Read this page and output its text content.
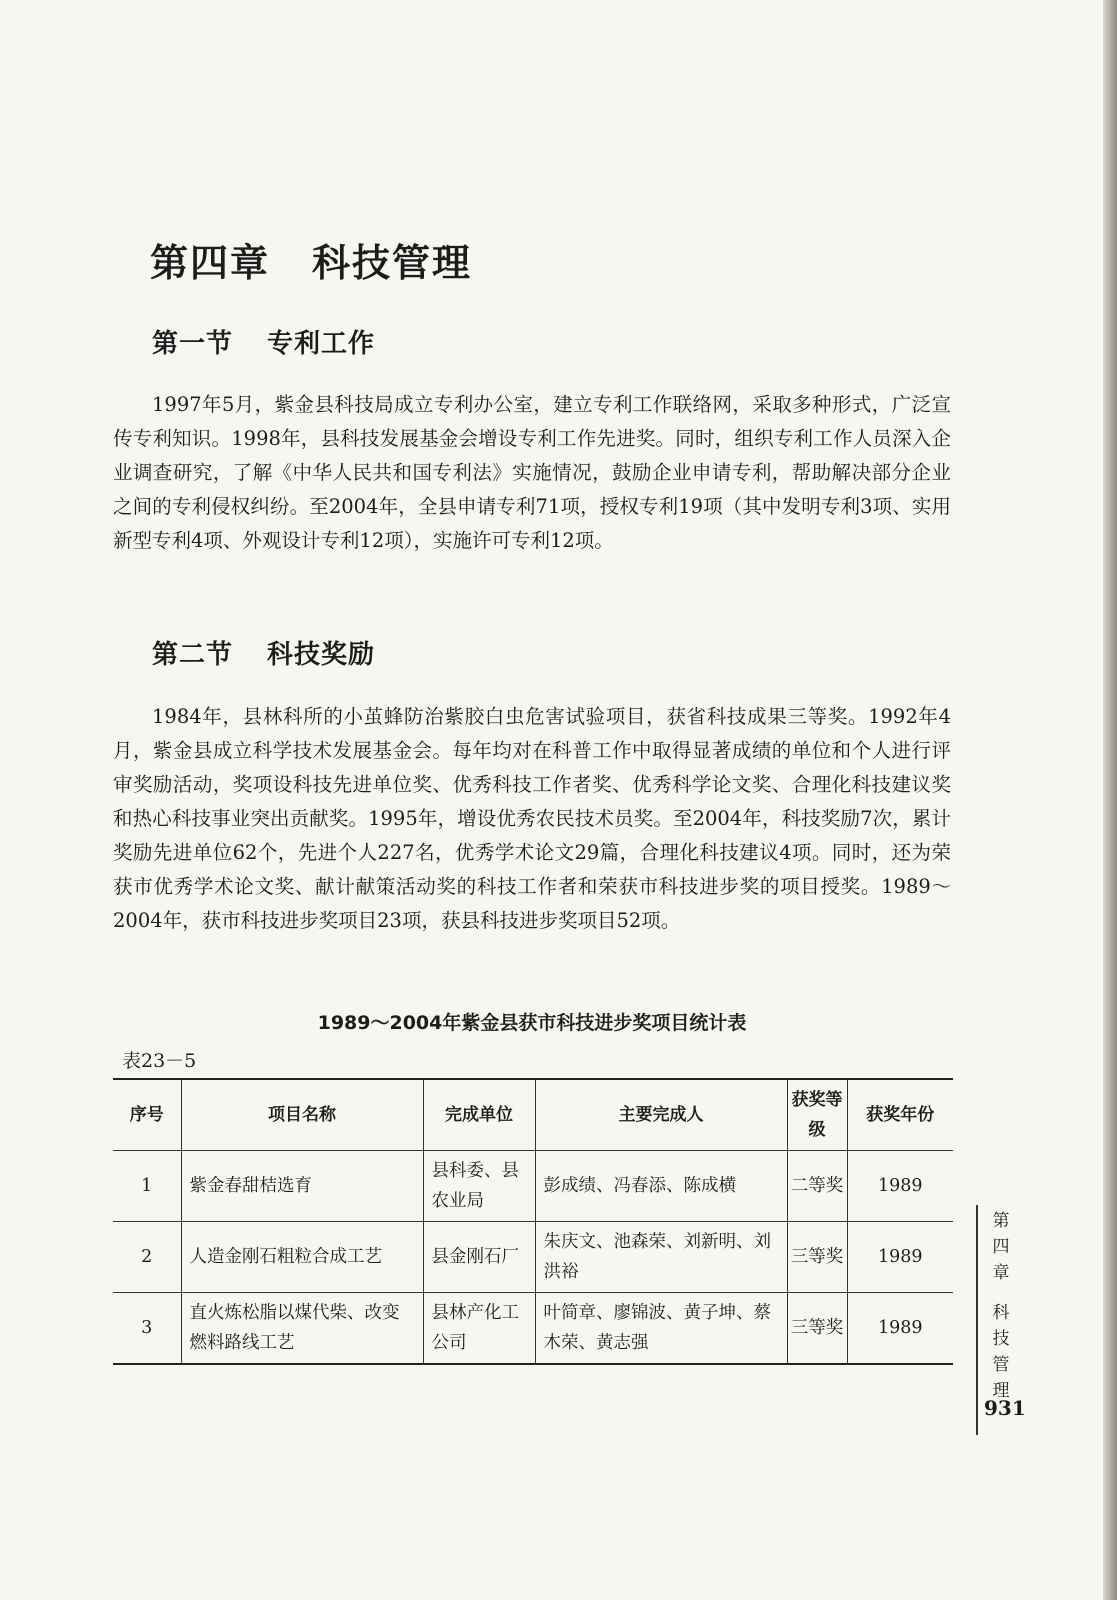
第四章 科技管理
第一节 专利工作

1997年5月，紫金县科技局成立专利办公室，建立专利工作联络网，采取多种形式，广泛宣传专利知识。1998年，县科技发展基金会增设专利工作先进奖。同时，组织专利工作人员深入企业调查研究，了解《中华人民共和国专利法》实施情况，鼓励企业申请专利，帮助解决部分企业之间的专利侵权纠纷。至2004年，全县申请专利71项，授权专利19项（其中发明专利3项、实用新型专利4项、外观设计专利12项），实施许可专利12项。

第二节 科技奖励

1984年，县林科所的小茧蜂防治紫胶白虫危害试验项目，获省科技成果三等奖。1992年4月，紫金县成立科学技术发展基金会。每年均对在科普工作中取得显著成绩的单位和个人进行评审奖励活动，奖项设科技先进单位奖、优秀科技工作者奖、优秀科学论文奖、合理化科技建议奖和热心科技事业突出贡献奖。1995年，增设优秀农民技术员奖。至2004年，科技奖励7次，累计奖励先进单位62个，先进个人227名，优秀学术论文29篇，合理化科技建议4项。同时，还为荣获市优秀学术论文奖、献计献策活动奖的科技工作者和荣获市科技进步奖的项目授奖。1989～2004年，获市科技进步奖项目23项，获县科技进步奖项目52项。

1989～2004年紫金县获市科技进步奖项目统计表
表23－5
序号	项目名称	完成单位	主要完成人	获奖等级	获奖年份
1	紫金春甜桔选育	县科委、县农业局	彭成绩、冯春添、陈成横	二等奖	1989
2	人造金刚石粗粒合成工艺	县金刚石厂	朱庆文、池森荣、刘新明、刘洪裕	三等奖	1989
3	直火炼松脂以煤代柴、改变燃料路线工艺	县林产化工公司	叶简章、廖锦波、黄子坤、蔡木荣、黄志强	三等奖	1989
第四章
科技管理
931
